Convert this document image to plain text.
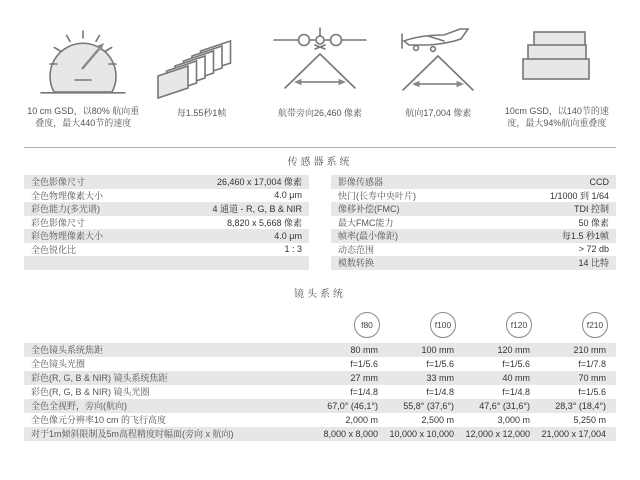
10 cm GSD，以80% 航向重叠度，最大440节的速度

每1.55秒1帧	航带旁向26,460 像素	航向17,004 像素	10cm GSD，以140节的速度，最大94%航向重叠度

传感器系统
全色影像尺寸	26,460 x 17,004 像素
全色物理像素大小	4.0 μm
彩色能力(多光谱)	4 通道 - R, G, B & NIR
彩色影像尺寸	8,820 x 5,668 像素
彩色物理像素大小	4.0 μm
全色锐化比	1 : 3
影像传感器	CCD
快门(长寿中央叶片)	1/1000 到 1/64
像移补偿(FMC)	TDI 控制
最大FMC能力	50 像素
帧率(最小像距)	每1.5 秒1帧
动态范围	> 72 db
模数转换	14 比特
镜头系统
f80	f100	f120	f210
全色镜头系统焦距	80 mm	100 mm	120 mm	210 mm
全色镜头光圈	f=1/5.6	f=1/5.6	f=1/5.6	f=1/7.8
彩色(R, G, B & NIR) 镜头系统焦距	27 mm	33 mm	40 mm	70 mm
彩色(R, G, B & NIR) 镜头光圈	f=1/4.8	f=1/4.8	f=1/4.8	f=1/5.6
全色全视野，旁向(航向)	67,0° (46,1°)	55,8° (37,6°)	47,6° (31,6°)	28,3° (18,4°)
全色像元分辨率10 cm 的飞行高度	2,000 m	2,500 m	3,000 m	5,250 m
对于1m倾斜限制及5m高程精度时幅面(旁向 x 航向)	8,000 x 8,000	10,000 x 10,000	12,000 x 12,000	21,000 x 17,004
